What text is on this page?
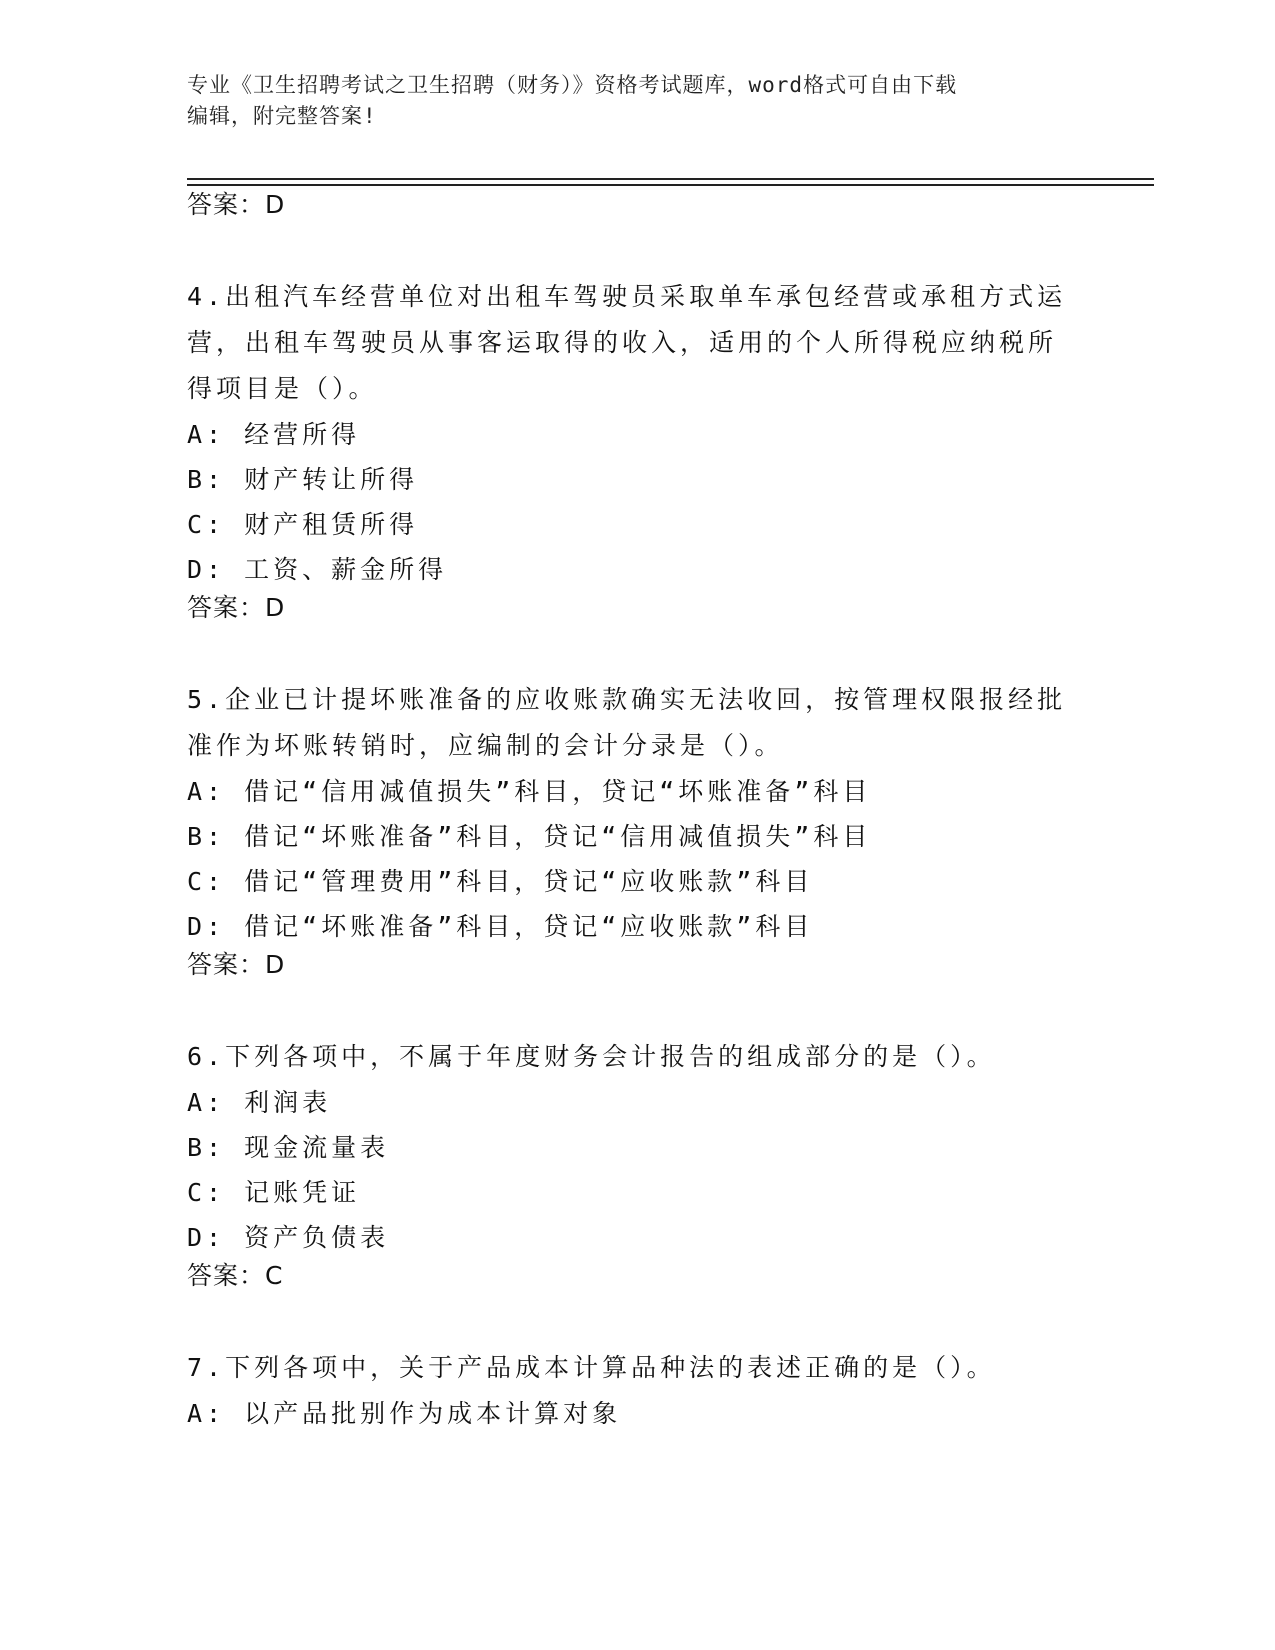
专业《卫生招聘考试之卫生招聘（财务）》资格考试题库，word格式可自由下载
编辑，附完整答案!

答案：D

4.出租汽车经营单位对出租车驾驶员采取单车承包经营或承租方式运营，出租车驾驶员从事客运取得的收入，适用的个人所得税应纳税所得项目是（）。

A: 经营所得

B: 财产转让所得

C: 财产租赁所得

D: 工资、薪金所得

答案：D

5.企业已计提坏账准备的应收账款确实无法收回，按管理权限报经批准作为坏账转销时，应编制的会计分录是（）。

A: 借记“信用减值损失”科目，贷记“坏账准备”科目

B: 借记“坏账准备”科目，贷记“信用减值损失”科目

C: 借记“管理费用”科目，贷记“应收账款”科目

D: 借记“坏账准备”科目，贷记“应收账款”科目

答案：D

6.下列各项中，不属于年度财务会计报告的组成部分的是（）。

A: 利润表

B: 现金流量表

C: 记账凭证

D: 资产负债表

答案：C

7.下列各项中，关于产品成本计算品种法的表述正确的是（）。

A: 以产品批别作为成本计算对象
